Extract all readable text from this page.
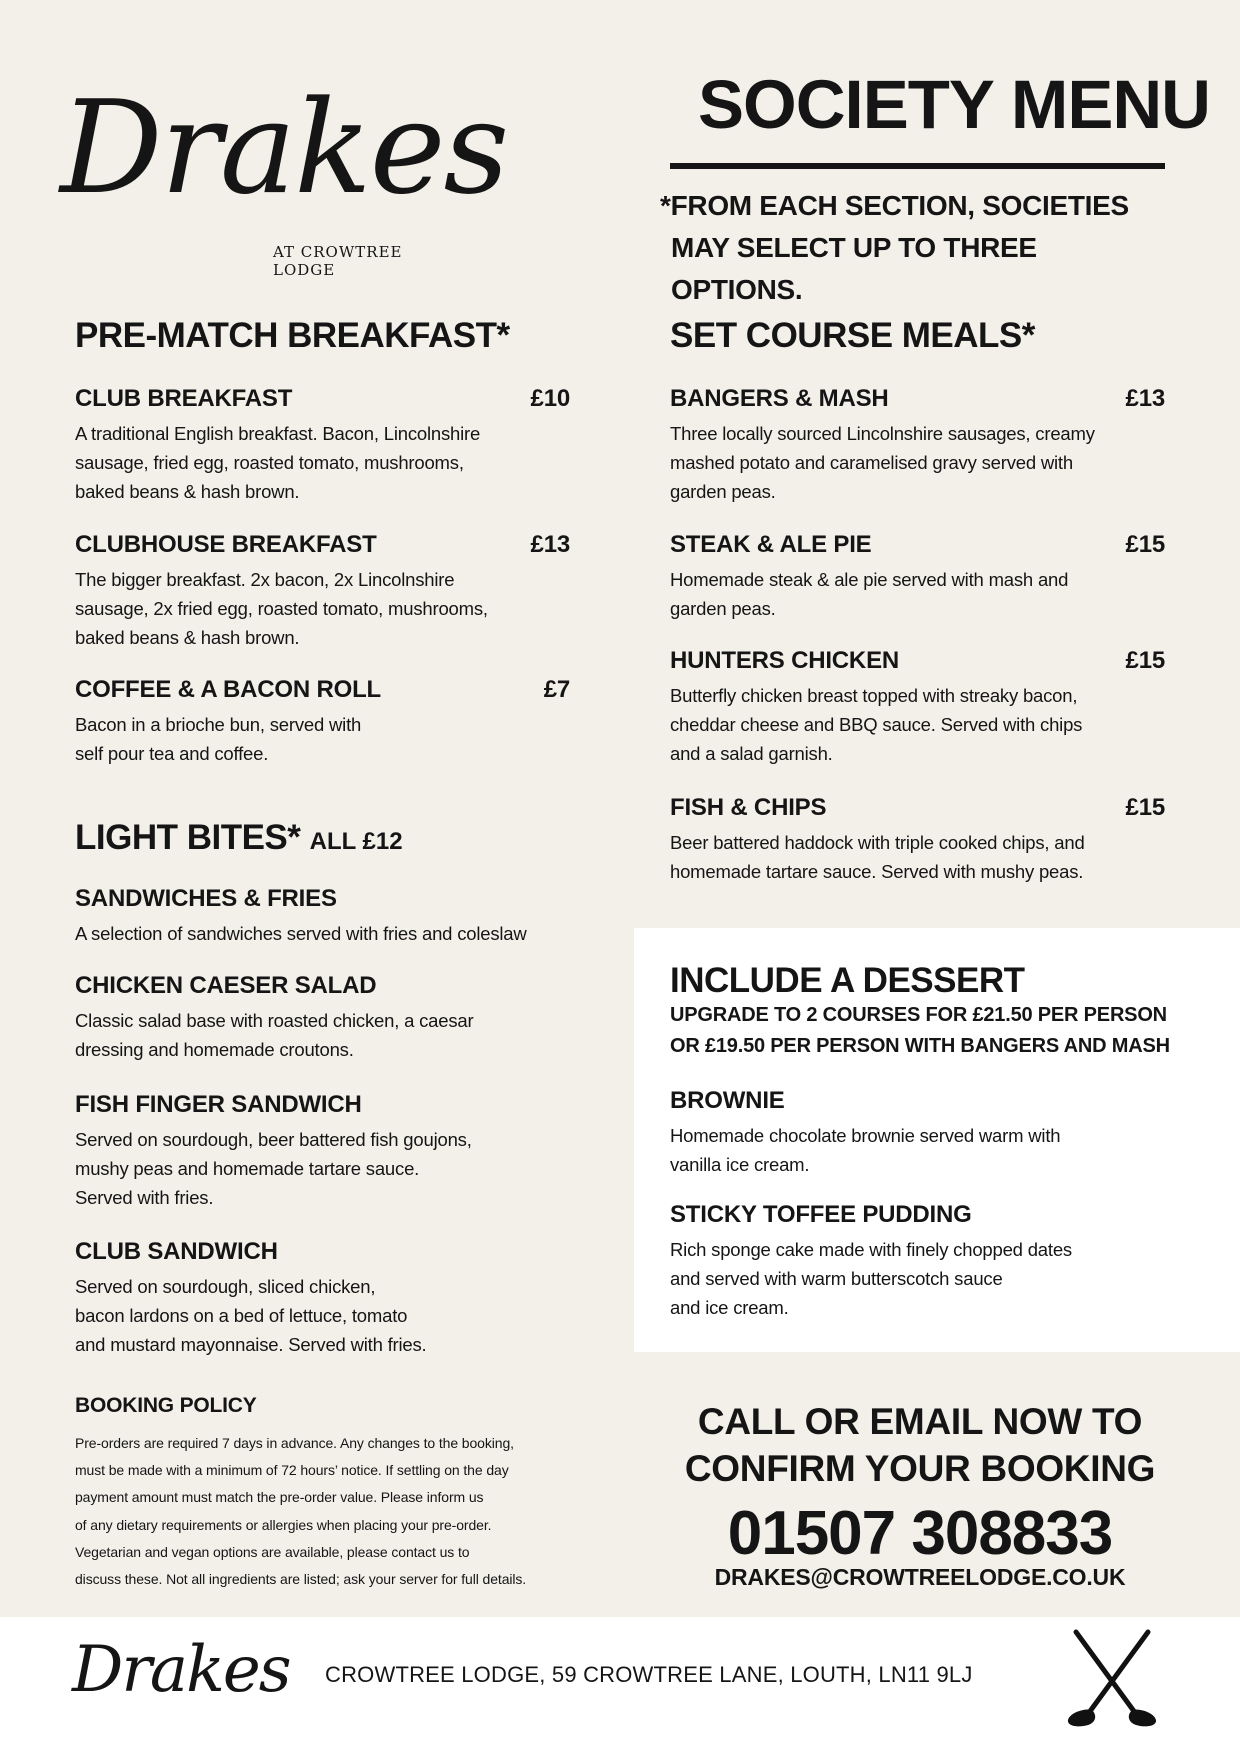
Drakes
AT CROWTREE LODGE
SOCIETY MENU
*FROM EACH SECTION, SOCIETIES
MAY SELECT UP TO THREE OPTIONS.
PRE-MATCH BREAKFAST*
CLUB BREAKFAST	£10
A traditional English breakfast. Bacon, Lincolnshire
sausage, fried egg, roasted tomato, mushrooms,
baked beans & hash brown.
CLUBHOUSE BREAKFAST	£13
The bigger breakfast. 2x bacon, 2x Lincolnshire
sausage, 2x fried egg, roasted tomato, mushrooms,
baked beans & hash brown.
COFFEE & A BACON ROLL	£7
Bacon in a brioche bun, served with
self pour tea and coffee.
LIGHT BITES* ALL £12
SANDWICHES & FRIES
A selection of sandwiches served with fries and coleslaw
CHICKEN CAESER SALAD
Classic salad base with roasted chicken, a caesar
dressing and homemade croutons.
FISH FINGER SANDWICH
Served on sourdough, beer battered fish goujons,
mushy peas and homemade tartare sauce.
Served with fries.
CLUB SANDWICH
Served on sourdough, sliced chicken,
bacon lardons on a bed of lettuce, tomato
and mustard mayonnaise. Served with fries.
SET COURSE MEALS*
BANGERS & MASH	£13
Three locally sourced Lincolnshire sausages, creamy
mashed potato and caramelised gravy served with
garden peas.
STEAK & ALE PIE	£15
Homemade steak & ale pie served with mash and
garden peas.
HUNTERS CHICKEN	£15
Butterfly chicken breast topped with streaky bacon,
cheddar cheese and BBQ sauce. Served with chips
and a salad garnish.
FISH & CHIPS	£15
Beer battered haddock with triple cooked chips, and
homemade tartare sauce. Served with mushy peas.
INCLUDE A DESSERT
UPGRADE TO 2 COURSES FOR £21.50 PER PERSON
OR £19.50 PER PERSON WITH BANGERS AND MASH
BROWNIE
Homemade chocolate brownie served warm with
vanilla ice cream.
STICKY TOFFEE PUDDING
Rich sponge cake made with finely chopped dates
and served with warm butterscotch sauce
and ice cream.
BOOKING POLICY
Pre-orders are required 7 days in advance. Any changes to the booking,
must be made with a minimum of 72 hours’ notice. If settling on the day
payment amount must match the pre-order value. Please inform us
of any dietary requirements or allergies when placing your pre-order.
Vegetarian and vegan options are available, please contact us to
discuss these. Not all ingredients are listed; ask your server for full details.
CALL OR EMAIL NOW TO
CONFIRM YOUR BOOKING
01507 308833
DRAKES@CROWTREELODGE.CO.UK
Drakes CROWTREE LODGE, 59 CROWTREE LANE, LOUTH, LN11 9LJ
